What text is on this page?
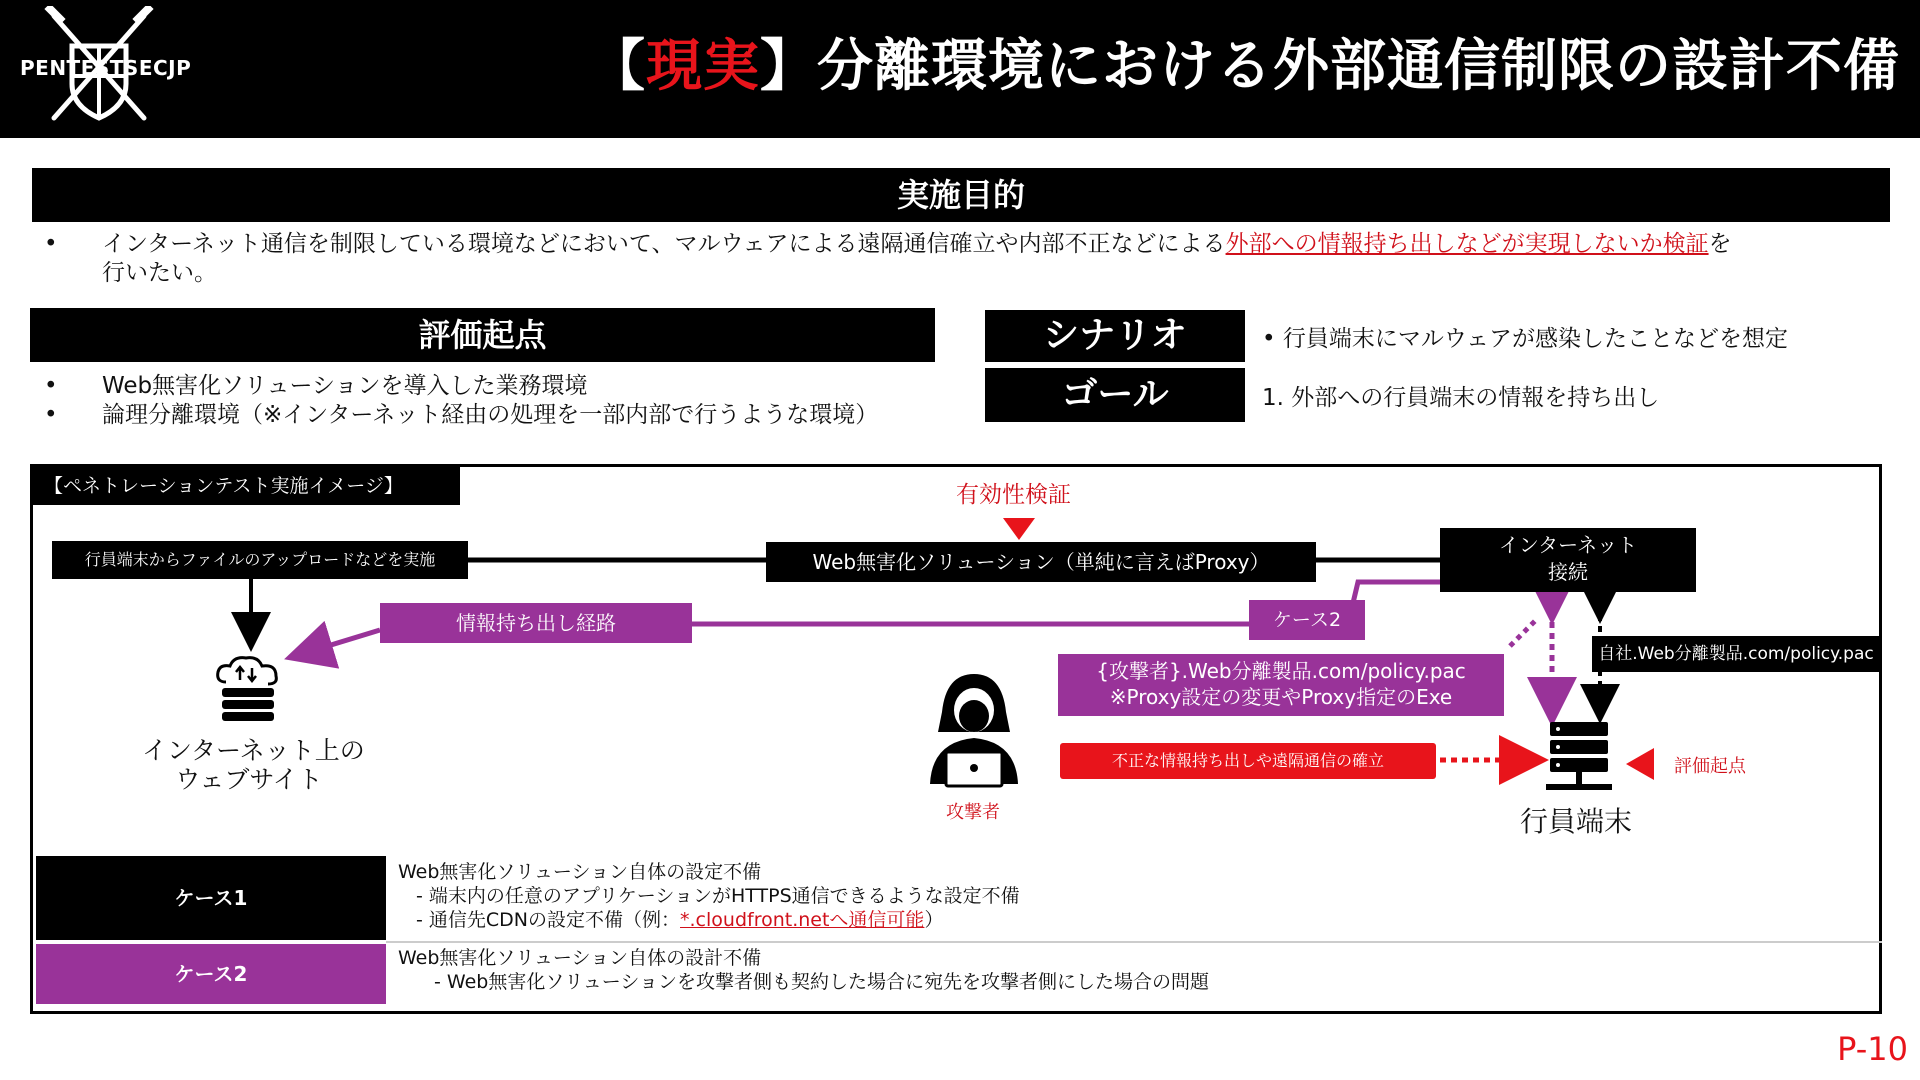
PENTESTSECJP	【現実】分離環境における外部通信制限の設計不備
実施目的
• インターネット通信を制限している環境などにおいて、マルウェアによる遠隔通信確立や内部不正などによる外部への情報持ち出しなどが実現しないか検証を
行いたい。
評価起点
• Web無害化ソリューションを導入した業務環境
• 論理分離環境（※インターネット経由の処理を一部内部で行うような環境）
シナリオ	• 行員端末にマルウェアが感染したことなどを想定
ゴール	1. 外部への行員端末の情報を持ち出し
【ペネトレーションテスト実施イメージ】
行員端末からファイルのアップロードなどを実施
有効性検証
Web無害化ソリューション（単純に言えばProxy）
インターネット
接続
情報持ち出し経路	ケース2
インターネット上の
ウェブサイト
{攻撃者}.Web分離製品.com/policy.pac
※Proxy設定の変更やProxy指定のExe
自社.Web分離製品.com/policy.pac
不正な情報持ち出しや遠隔通信の確立
攻撃者
評価起点
行員端末
ケース1
Web無害化ソリューション自体の設定不備
- 端末内の任意のアプリケーションがHTTPS通信できるような設定不備
- 通信先CDNの設定不備（例：*.cloudfront.netへ通信可能）
ケース2
Web無害化ソリューション自体の設計不備
- Web無害化ソリューションを攻撃者側も契約した場合に宛先を攻撃者側にした場合の問題
P-10
